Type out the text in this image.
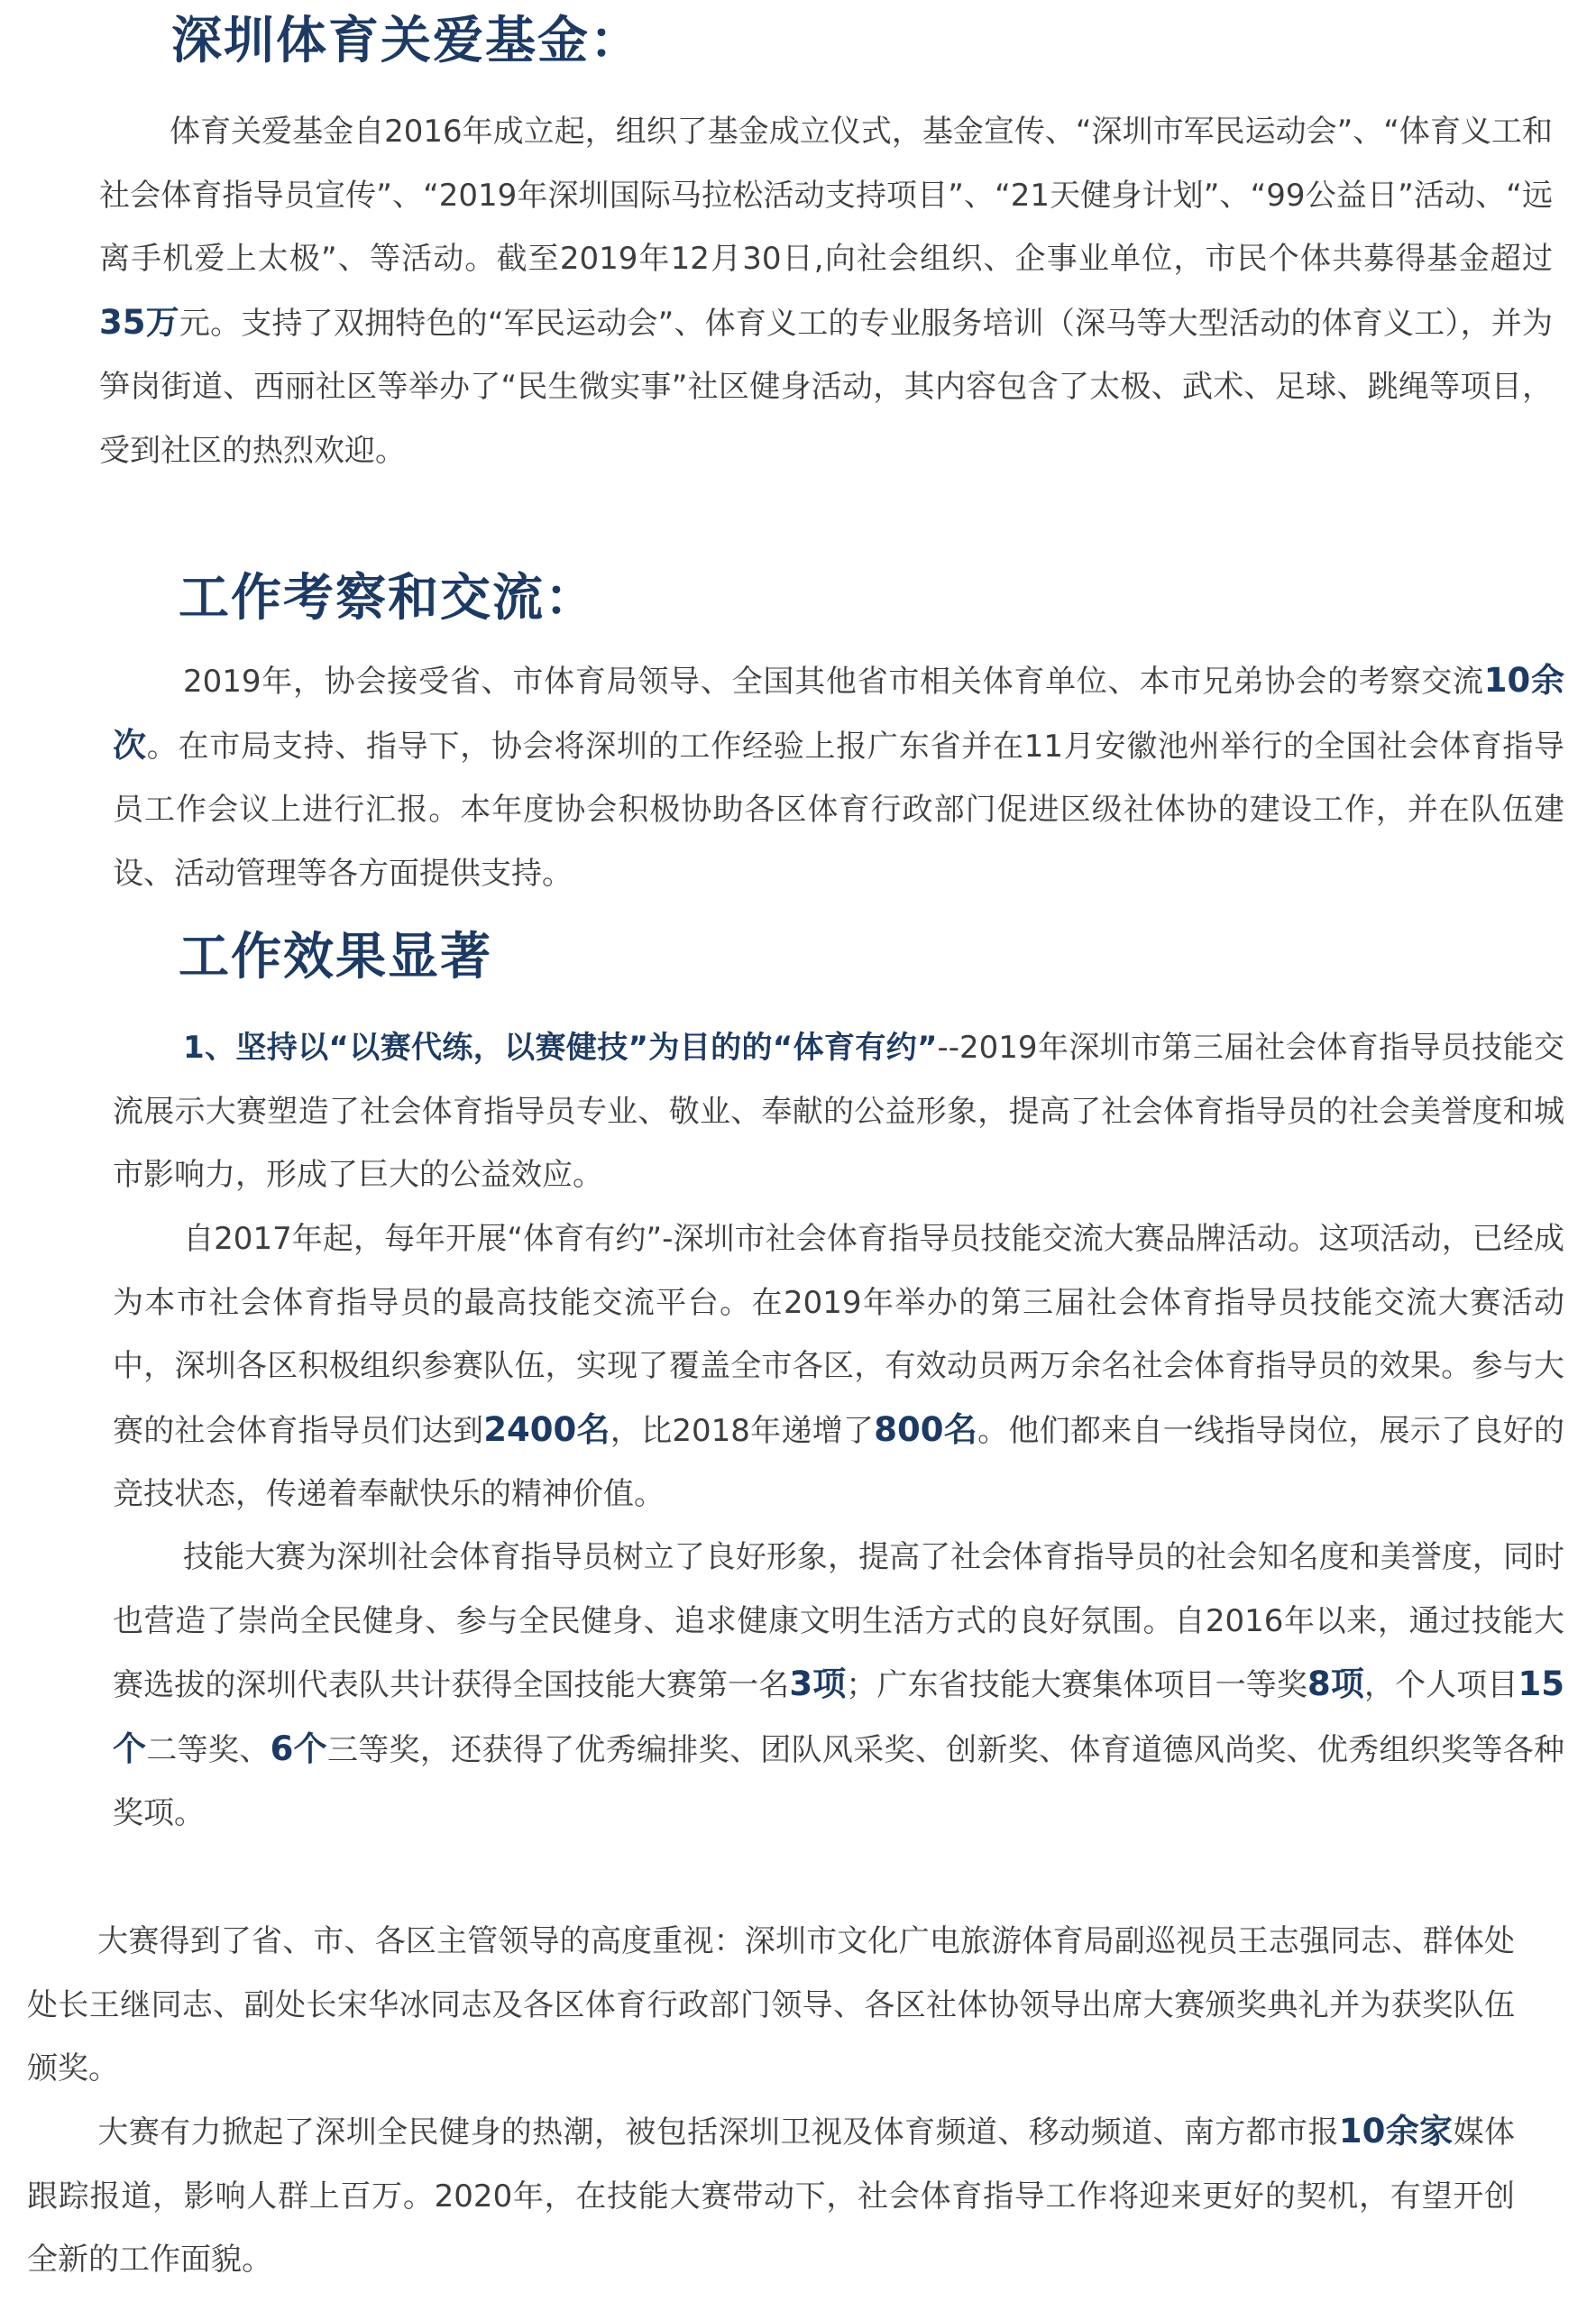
深圳体育关爱基金：

体育关爱基金自2016年成立起，组织了基金成立仪式，基金宣传、“深圳市军民运动会”、“体育义工和社会体育指导员宣传”、“2019年深圳国际马拉松活动支持项目”、“21天健身计划”、“99公益日”活动、“远离手机爱上太极”、等活动。截至2019年12月30日,向社会组织、企事业单位，市民个体共募得基金超过35万元。支持了双拥特色的“军民运动会”、体育义工的专业服务培训（深马等大型活动的体育义工），并为笋岗街道、西丽社区等举办了“民生微实事”社区健身活动，其内容包含了太极、武术、足球、跳绳等项目，受到社区的热烈欢迎。

工作考察和交流：

2019年，协会接受省、市体育局领导、全国其他省市相关体育单位、本市兄弟协会的考察交流10余次。在市局支持、指导下，协会将深圳的工作经验上报广东省并在11月安徽池州举行的全国社会体育指导员工作会议上进行汇报。本年度协会积极协助各区体育行政部门促进区级社体协的建设工作，并在队伍建设、活动管理等各方面提供支持。

工作效果显著

1、坚持以“以赛代练，以赛健技”为目的的“体育有约”--2019年深圳市第三届社会体育指导员技能交流展示大赛塑造了社会体育指导员专业、敬业、奉献的公益形象，提高了社会体育指导员的社会美誉度和城市影响力，形成了巨大的公益效应。

自2017年起，每年开展“体育有约”-深圳市社会体育指导员技能交流大赛品牌活动。这项活动，已经成为本市社会体育指导员的最高技能交流平台。在2019年举办的第三届社会体育指导员技能交流大赛活动中，深圳各区积极组织参赛队伍，实现了覆盖全市各区，有效动员两万余名社会体育指导员的效果。参与大赛的社会体育指导员们达到2400名，比2018年递增了800名。他们都来自一线指导岗位，展示了良好的竞技状态，传递着奉献快乐的精神价值。

技能大赛为深圳社会体育指导员树立了良好形象，提高了社会体育指导员的社会知名度和美誉度，同时也营造了崇尚全民健身、参与全民健身、追求健康文明生活方式的良好氛围。自2016年以来，通过技能大赛选拔的深圳代表队共计获得全国技能大赛第一名3项；广东省技能大赛集体项目一等奖8项，个人项目15个二等奖、6个三等奖，还获得了优秀编排奖、团队风采奖、创新奖、体育道德风尚奖、优秀组织奖等各种奖项。

大赛得到了省、市、各区主管领导的高度重视：深圳市文化广电旅游体育局副巡视员王志强同志、群体处处长王继同志、副处长宋华冰同志及各区体育行政部门领导、各区社体协领导出席大赛颁奖典礼并为获奖队伍颁奖。

大赛有力掀起了深圳全民健身的热潮，被包括深圳卫视及体育频道、移动频道、南方都市报10余家媒体跟踪报道，影响人群上百万。2020年，在技能大赛带动下，社会体育指导工作将迎来更好的契机，有望开创全新的工作面貌。
